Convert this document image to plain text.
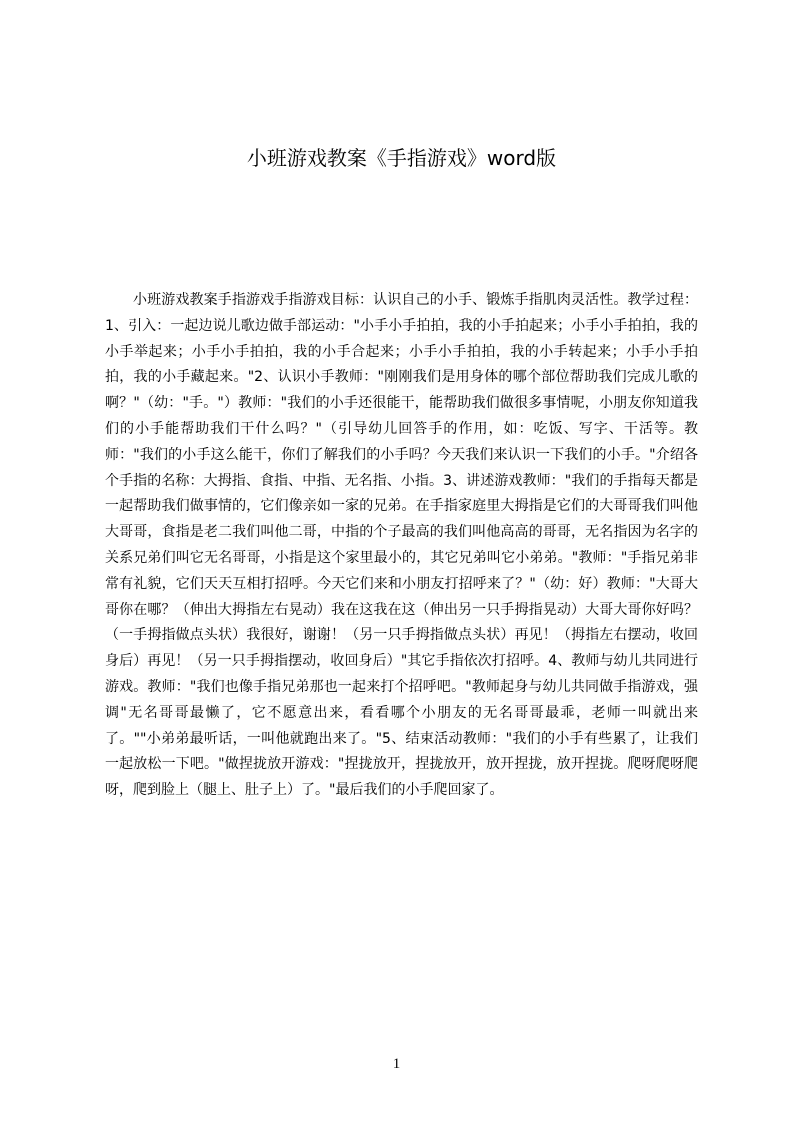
小班游戏教案《手指游戏》word版

小班游戏教案手指游戏手指游戏目标：认识自己的小手、锻炼手指肌肉灵活性。教学过程：1、引入：一起边说儿歌边做手部运动："小手小手拍拍，我的小手拍起来；小手小手拍拍，我的小手举起来；小手小手拍拍，我的小手合起来；小手小手拍拍，我的小手转起来；小手小手拍拍，我的小手藏起来。"2、认识小手教师："刚刚我们是用身体的哪个部位帮助我们完成儿歌的啊？"（幼："手。"）教师："我们的小手还很能干，能帮助我们做很多事情呢，小朋友你知道我们的小手能帮助我们干什么吗？"（引导幼儿回答手的作用，如：吃饭、写字、干活等。教师："我们的小手这么能干，你们了解我们的小手吗？今天我们来认识一下我们的小手。"介绍各个手指的名称：大拇指、食指、中指、无名指、小指。3、讲述游戏教师："我们的手指每天都是一起帮助我们做事情的，它们像亲如一家的兄弟。在手指家庭里大拇指是它们的大哥哥我们叫他大哥哥，食指是老二我们叫他二哥，中指的个子最高的我们叫他高高的哥哥，无名指因为名字的关系兄弟们叫它无名哥哥，小指是这个家里最小的，其它兄弟叫它小弟弟。"教师："手指兄弟非常有礼貌，它们天天互相打招呼。今天它们来和小朋友打招呼来了？"（幼：好）教师："大哥大哥你在哪？（伸出大拇指左右晃动）我在这我在这（伸出另一只手拇指晃动）大哥大哥你好吗？（一手拇指做点头状）我很好，谢谢！（另一只手拇指做点头状）再见！（拇指左右摆动，收回身后）再见！（另一只手拇指摆动，收回身后）"其它手指依次打招呼。4、教师与幼儿共同进行游戏。教师："我们也像手指兄弟那也一起来打个招呼吧。"教师起身与幼儿共同做手指游戏，强调"无名哥哥最懒了，它不愿意出来，看看哪个小朋友的无名哥哥最乖，老师一叫就出来了。""小弟弟最听话，一叫他就跑出来了。"5、结束活动教师："我们的小手有些累了，让我们一起放松一下吧。"做捏拢放开游戏："捏拢放开，捏拢放开，放开捏拢，放开捏拢。爬呀爬呀爬呀，爬到脸上（腿上、肚子上）了。"最后我们的小手爬回家了。

1
